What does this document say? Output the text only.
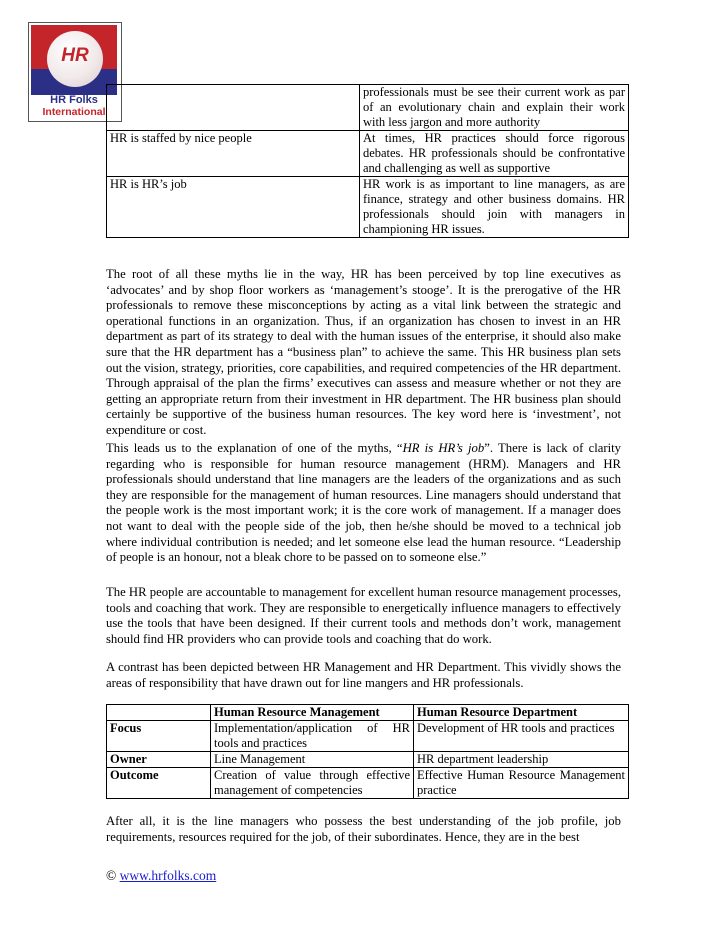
HR
HR Folks
International
	professionals must be see their current work as par of an evolutionary chain and explain their work with less jargon and more authority
HR is staffed by nice people	At times, HR practices should force rigorous debates. HR professionals should be confrontative and challenging as well as supportive
HR is HR’s job	HR work is as important to line managers, as are finance, strategy and other business domains. HR professionals should join with managers in championing HR issues.

The root of all these myths lie in the way, HR has been perceived by top line executives as ‘advocates’ and by shop floor workers as ‘management’s stooge’. It is the prerogative of the HR professionals to remove these misconceptions by acting as a vital link between the strategic and operational functions in an organization. Thus, if an organization has chosen to invest in an HR department as part of its strategy to deal with the human issues of the enterprise, it should also make sure that the HR department has a “business plan” to achieve the same. This HR business plan sets out the vision, strategy, priorities, core capabilities, and required competencies of the HR department. Through appraisal of the plan the firms’ executives can assess and measure whether or not they are getting an appropriate return from their investment in HR department. The HR business plan should certainly be supportive of the business human resources. The key word here is ‘investment’, not expenditure or cost.

This leads us to the explanation of one of the myths, “HR is HR’s job”. There is lack of clarity regarding who is responsible for human resource management (HRM). Managers and HR professionals should understand that line managers are the leaders of the organizations and as such they are responsible for the management of human resources. Line managers should understand that the people work is the most important work; it is the core work of management. If a manager does not want to deal with the people side of the job, then he/she should be moved to a technical job where individual contribution is needed; and let someone else lead the human resource. “Leadership of people is an honour, not a bleak chore to be passed on to someone else.”

The HR people are accountable to management for excellent human resource management processes, tools and coaching that work. They are responsible to energetically influence managers to effectively use the tools that have been designed. If their current tools and methods don’t work, management should find HR providers who can provide tools and coaching that do work.

A contrast has been depicted between HR Management and HR Department. This vividly shows the areas of responsibility that have drawn out for line mangers and HR professionals.

	Human Resource Management	Human Resource Department
Focus	Implementation/application of HR tools and practices	Development of HR tools and practices
Owner	Line Management	HR department leadership
Outcome	Creation of value through effective management of competencies	Effective Human Resource Management practice

After all, it is the line managers who possess the best understanding of the job profile, job requirements, resources required for the job, of their subordinates. Hence, they are in the best

© www.hrfolks.com
